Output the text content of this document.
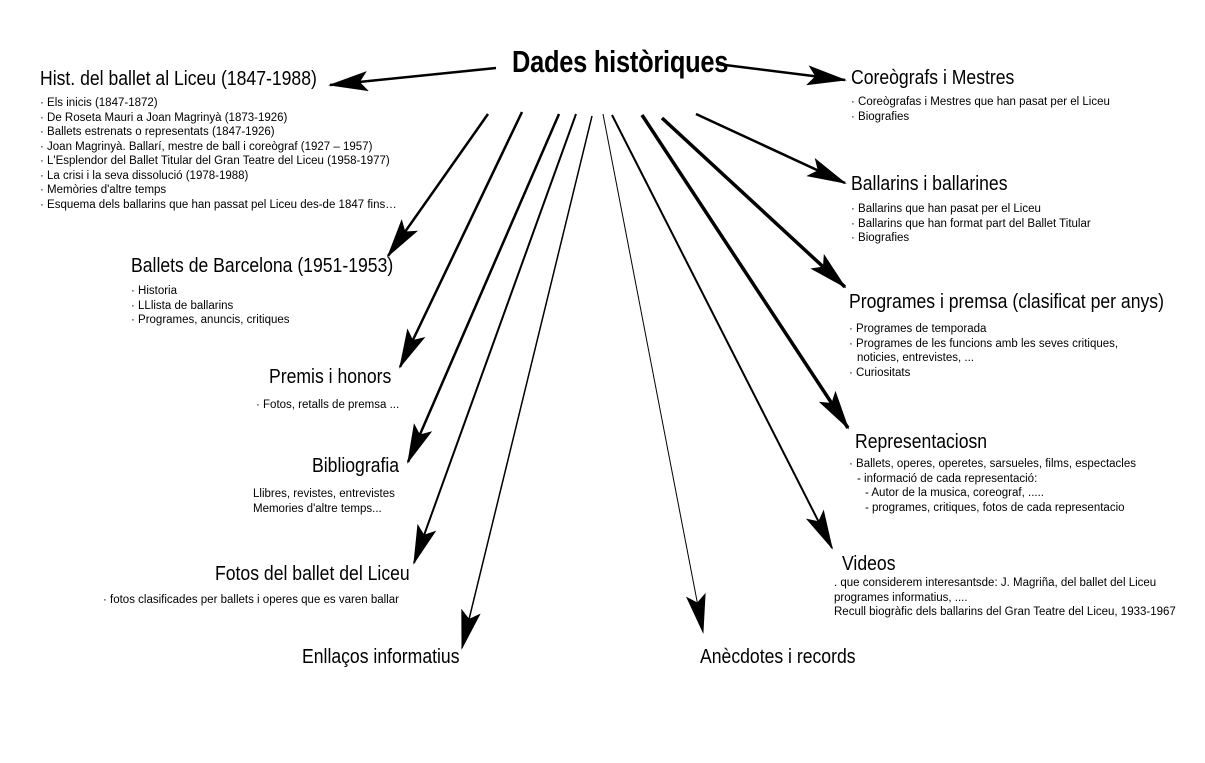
Dades històriques
Hist. del ballet al Liceu (1847-1988)
· Els inicis (1847-1872)
· De Roseta Mauri a Joan Magrinyà (1873-1926)
· Ballets estrenats o representats (1847-1926)
· Joan Magrinyà. Ballarí, mestre de ball i coreògraf (1927 – 1957)
· L'Esplendor del Ballet Titular del Gran Teatre del Liceu (1958-1977)
· La crisi i la seva dissolució (1978-1988)
· Memòries d'altre temps
· Esquema dels ballarins que han passat pel Liceu des-de 1847 fins…
Ballets de Barcelona (1951-1953)
· Historia
· LLlista de ballarins
· Programes, anuncis, critiques
Premis i honors
· Fotos, retalls de premsa ...
Bibliografia
Llibres, revistes, entrevistes
Memories d'altre temps...
Fotos del ballet del Liceu
· fotos clasificades per ballets i operes que es varen ballar
Enllaços informatius	Anècdotes i records
Coreògrafs i Mestres
· Coreògrafas i Mestres que han pasat per el Liceu
· Biografies
Ballarins i ballarines
· Ballarins que han pasat per el Liceu
· Ballarins que han format part del Ballet Titular
· Biografies
Programes i premsa (clasificat per anys)
· Programes de temporada
· Programes de les funcions amb les seves critiques,
noticies, entrevistes, ...
· Curiositats
Representaciosn
· Ballets, operes, operetes, sarsueles, films, espectacles
- informació de cada representació:
- Autor de la musica, coreograf, .....
- programes, critiques, fotos de cada representacio
Videos
. que considerem interesantsde: J. Magriña, del ballet del Liceu
programes informatius, ....
Recull biogràfic dels ballarins del Gran Teatre del Liceu, 1933-1967
